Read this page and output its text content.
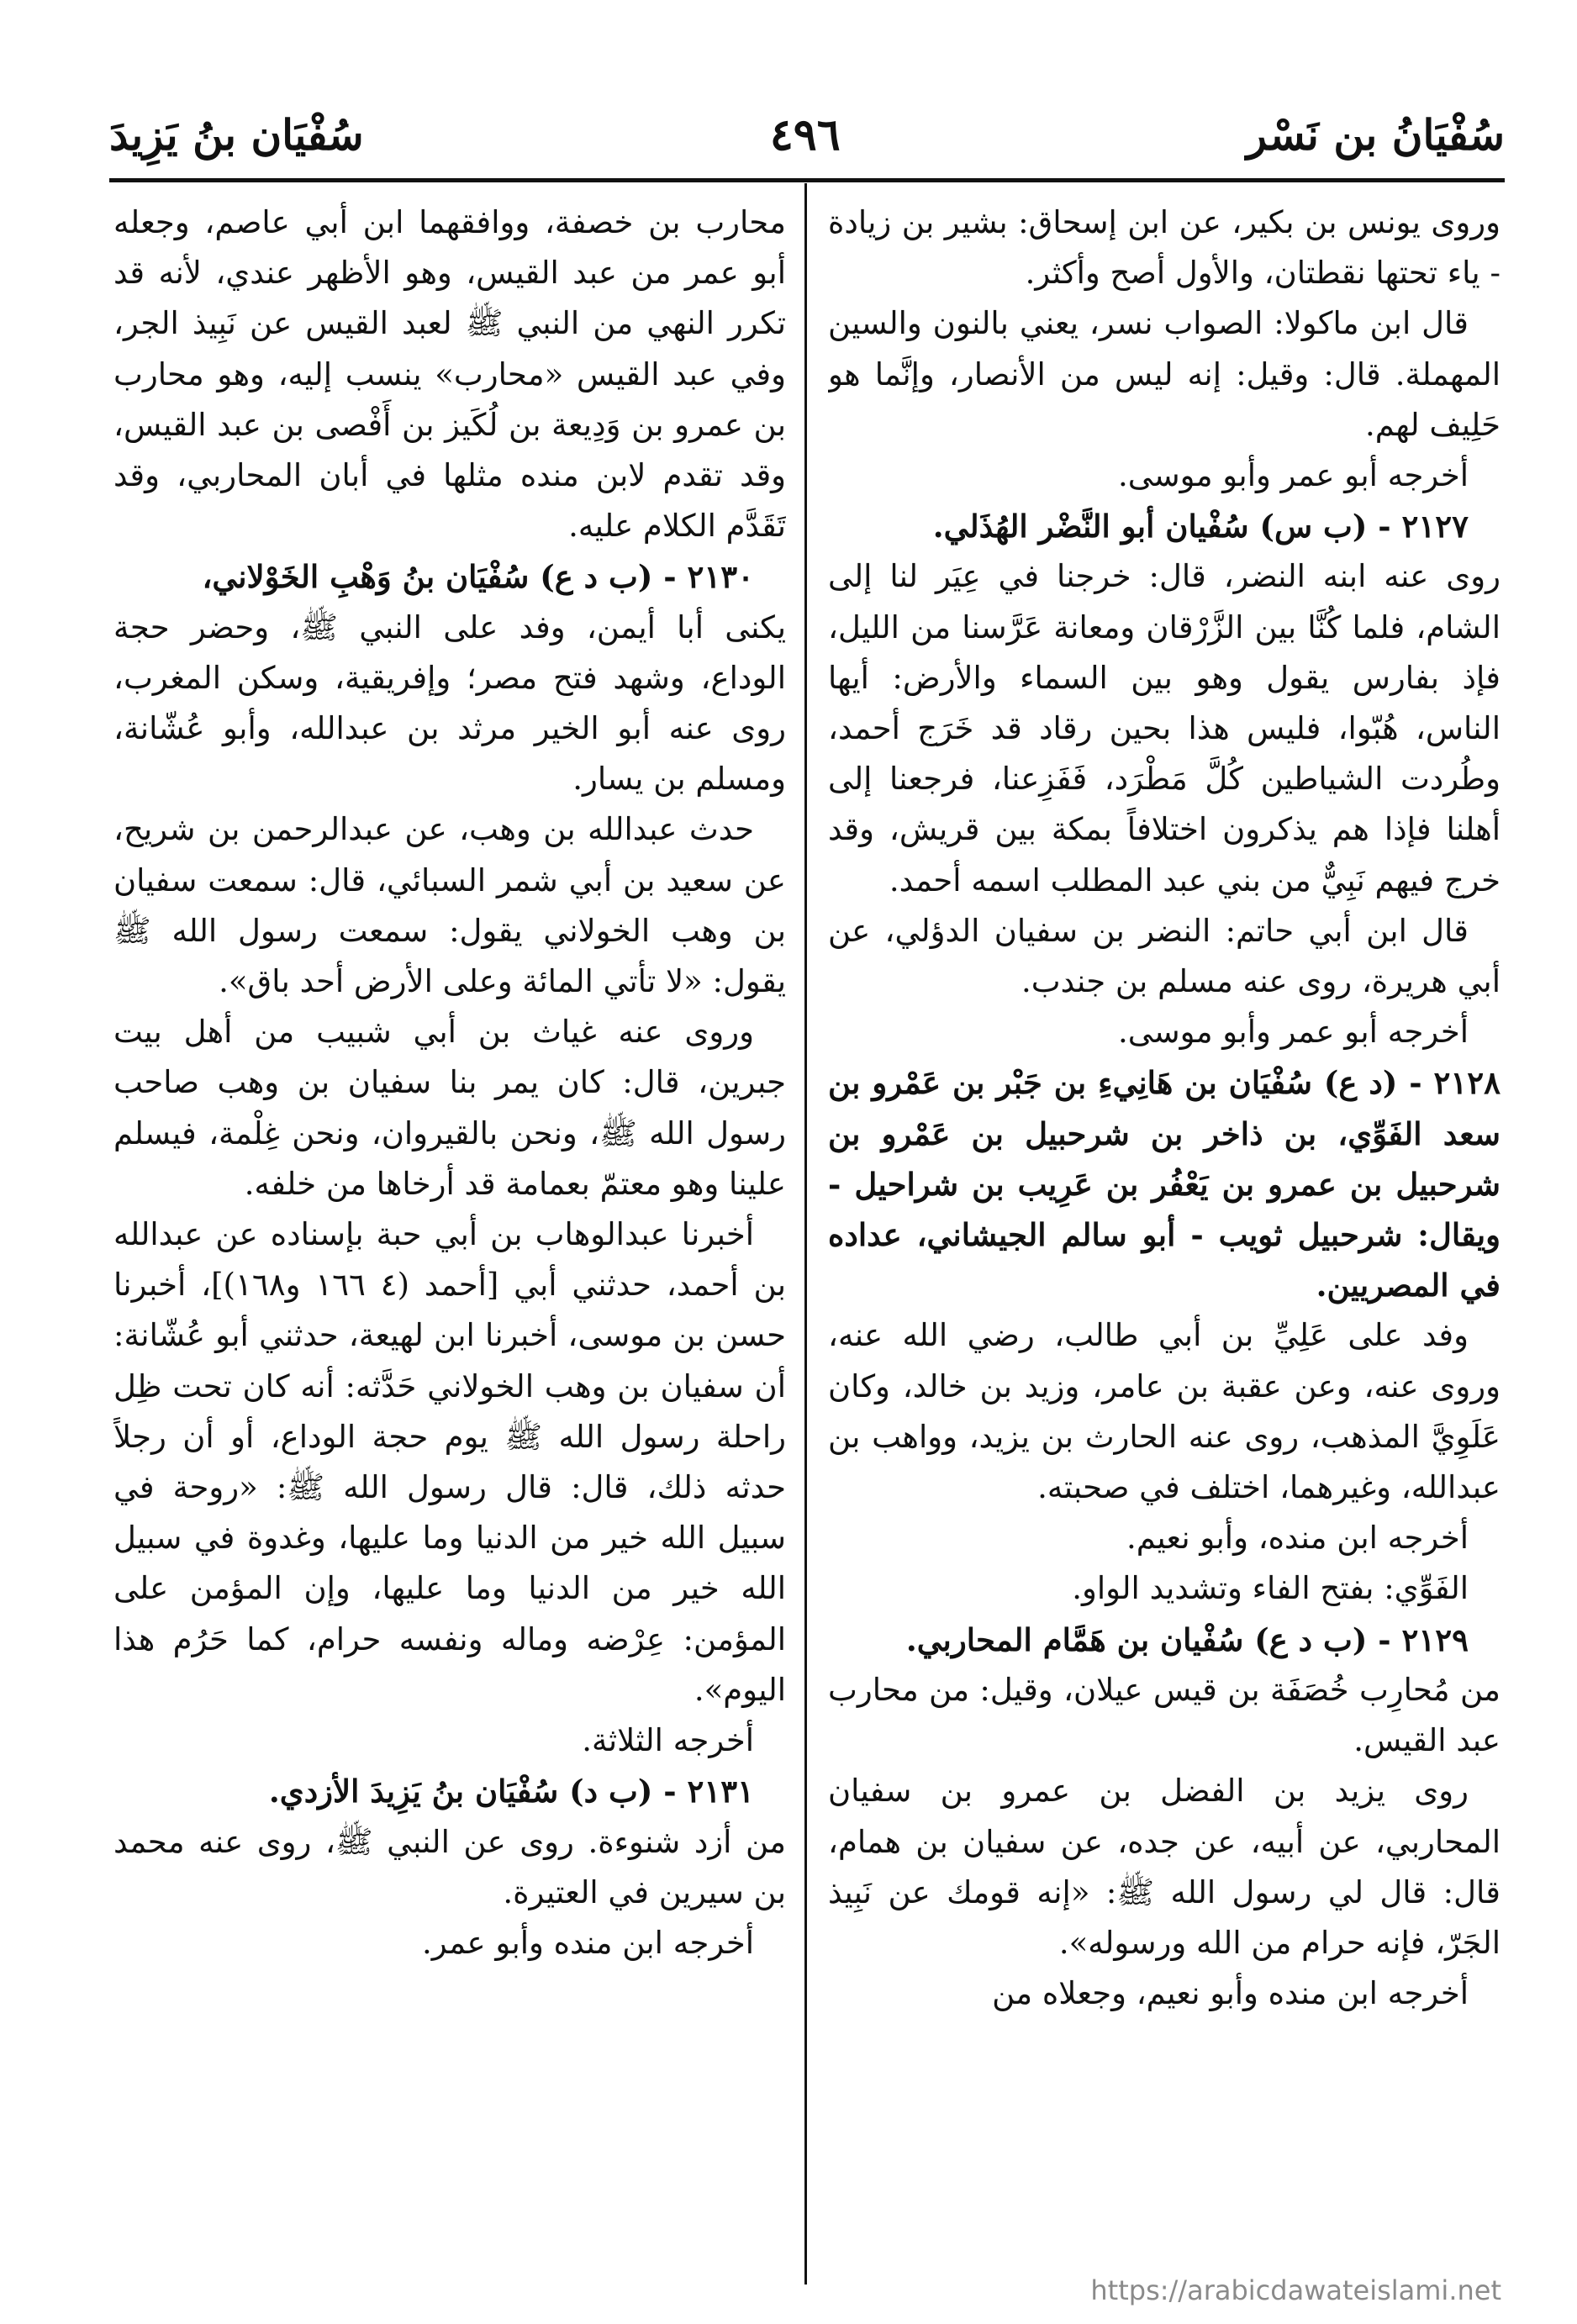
سُفْيَانُ بن نَسْر
٤٩٦
سُفْيَان بنُ يَزِيدَ

وروى يونس بن بكير، عن ابن إسحاق: بشير بن زيادة - ياء تحتها نقطتان، والأول أصح وأكثر.

قال ابن ماكولا: الصواب نسر، يعني بالنون والسين المهملة. قال: وقيل: إنه ليس من الأنصار، وإنَّما هو حَلِيف لهم.

أخرجه أبو عمر وأبو موسى.

٢١٢٧ - (ب س) سُفْيان أبو النَّضْر الهُذَلي.

روى عنه ابنه النضر، قال: خرجنا في عِيَر لنا إلى الشام، فلما كُنَّا بين الزَّرْقان ومعانة عَرَّسنا من الليل، فإذ بفارس يقول وهو بين السماء والأرض: أيها الناس، هُبّوا، فليس هذا بحين رقاد قد خَرَج أحمد، وطُردت الشياطين كُلَّ مَطْرَد، فَفَزِعنا، فرجعنا إلى أهلنا فإذا هم يذكرون اختلافاً بمكة بين قريش، وقد خرج فيهم نَبِيٌّ من بني عبد المطلب اسمه أحمد.

قال ابن أبي حاتم: النضر بن سفيان الدؤلي، عن أبي هريرة، روى عنه مسلم بن جندب.

أخرجه أبو عمر وأبو موسى.

٢١٢٨ - (د ع) سُفْيَان بن هَانِيءِ بن جَبْر بن عَمْرو بن سعد الفَوِّي، بن ذاخر بن شرحبيل بن عَمْرو بن شرحبيل بن عمرو بن يَعْفُر بن عَرِيب بن شراحيل - ويقال: شرحبيل ثويب - أبو سالم الجيشاني، عداده في المصريين.

وفد على عَلِيِّ بن أبي طالب، رضي الله عنه، وروى عنه، وعن عقبة بن عامر، وزيد بن خالد، وكان عَلَوِيَّ المذهب، روى عنه الحارث بن يزيد، وواهب بن عبدالله، وغيرهما، اختلف في صحبته.

أخرجه ابن منده، وأبو نعيم.

الفَوِّي: بفتح الفاء وتشديد الواو.

٢١٢٩ - (ب د ع) سُفْيان بن هَمَّام المحاربي.

من مُحارِب خُصَفَة بن قيس عيلان، وقيل: من محارب عبد القيس.

روى يزيد بن الفضل بن عمرو بن سفيان المحاربي، عن أبيه، عن جده، عن سفيان بن همام، قال: قال لي رسول الله ﷺ: «إنه قومك عن نَبِيذ الجَرّ، فإنه حرام من الله ورسوله».

أخرجه ابن منده وأبو نعيم، وجعلاه من

محارب بن خصفة، ووافقهما ابن أبي عاصم، وجعله أبو عمر من عبد القيس، وهو الأظهر عندي، لأنه قد تكرر النهي من النبي ﷺ لعبد القيس عن نَبِيذ الجر، وفي عبد القيس «محارب» ينسب إليه، وهو محارب بن عمرو بن وَدِيعة بن لُكَيز بن أَفْصى بن عبد القيس، وقد تقدم لابن منده مثلها في أبان المحاربي، وقد تَقَدَّم الكلام عليه.

٢١٣٠ - (ب د ع) سُفْيَان بنُ وَهْبِ الخَوْلاني،

يكنى أبا أيمن، وفد على النبي ﷺ، وحضر حجة الوداع، وشهد فتح مصر؛ وإفريقية، وسكن المغرب، روى عنه أبو الخير مرثد بن عبدالله، وأبو عُشّانة، ومسلم بن يسار.

حدث عبدالله بن وهب، عن عبدالرحمن بن شريح، عن سعيد بن أبي شمر السبائي، قال: سمعت سفيان بن وهب الخولاني يقول: سمعت رسول الله ﷺ يقول: «لا تأتي المائة وعلى الأرض أحد باق».

وروى عنه غياث بن أبي شبيب من أهل بيت جبرين، قال: كان يمر بنا سفيان بن وهب صاحب رسول الله ﷺ، ونحن بالقيروان، ونحن غِلْمة، فيسلم علينا وهو معتمّ بعمامة قد أرخاها من خلفه.

أخبرنا عبدالوهاب بن أبي حبة بإسناده عن عبدالله بن أحمد، حدثني أبي [أحمد (٤ ١٦٦ و١٦٨)]، أخبرنا حسن بن موسى، أخبرنا ابن لهيعة، حدثني أبو عُشّانة: أن سفيان بن وهب الخولاني حَدَّثه: أنه كان تحت ظِل راحلة رسول الله ﷺ يوم حجة الوداع، أو أن رجلاً حدثه ذلك، قال: قال رسول الله ﷺ: «روحة في سبيل الله خير من الدنيا وما عليها، وغدوة في سبيل الله خير من الدنيا وما عليها، وإن المؤمن على المؤمن: عِرْضه وماله ونفسه حرام، كما حَرُم هذا اليوم».

أخرجه الثلاثة.

٢١٣١ - (ب د) سُفْيَان بنُ يَزِيدَ الأزدي.

من أزد شنوءة. روى عن النبي ﷺ، روى عنه محمد بن سيرين في العتيرة.

أخرجه ابن منده وأبو عمر.

https://arabicdawateislami.net
